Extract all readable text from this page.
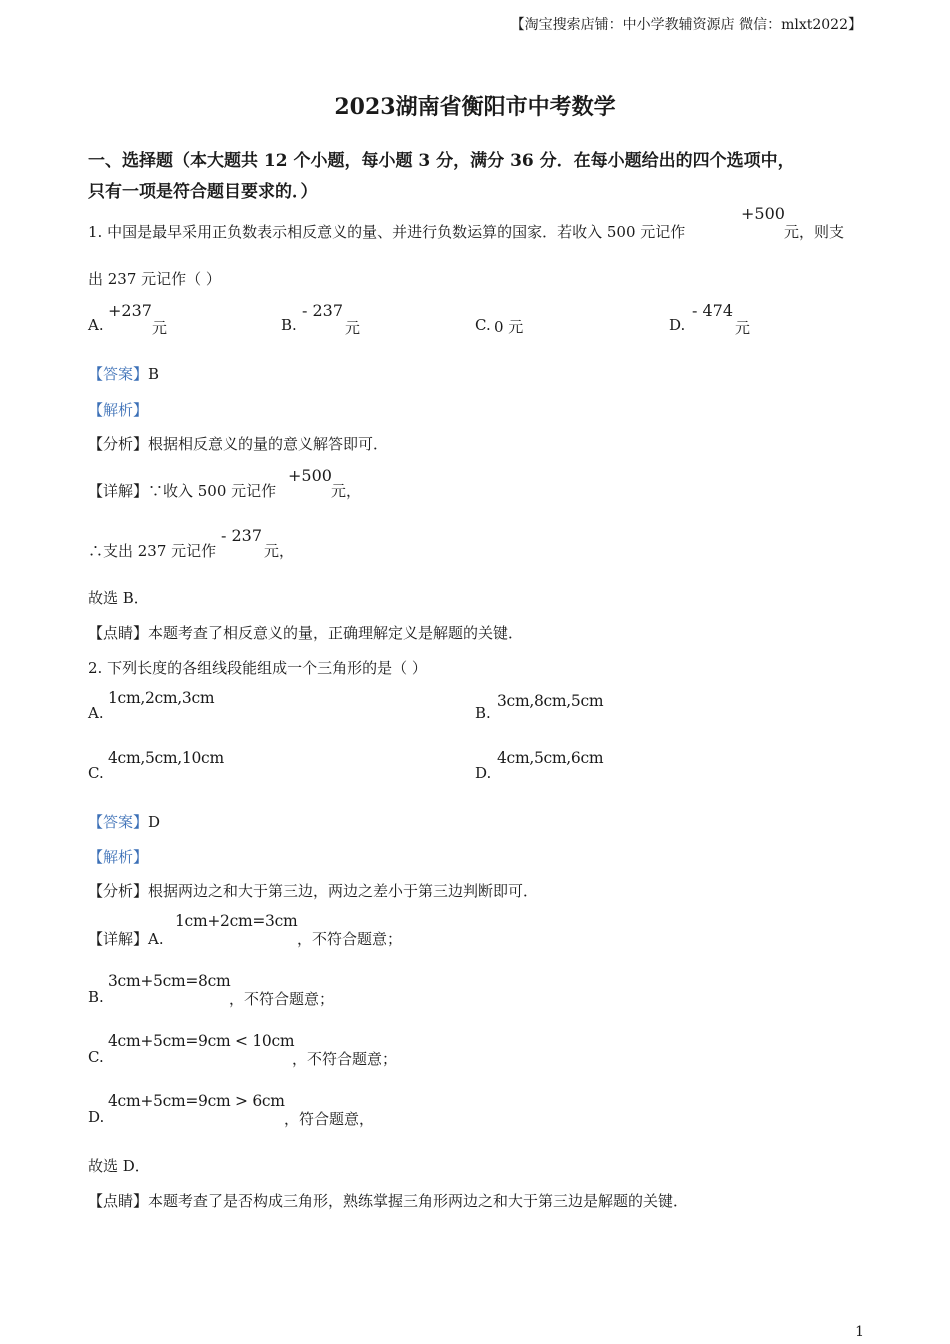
【淘宝搜索店铺：中小学教辅资源店 微信：mlxt2022】
2023湖南省衡阳市中考数学
一、选择题（本大题共 12 个小题，每小题 3 分，满分 36 分．在每小题给出的四个选项中，
只有一项是符合题目要求的．）
1. 中国是最早采用正负数表示相反意义的量、并进行负数运算的国家．若收入 500 元记作
+500
元，则支
出 237 元记作（ ）
A.
+237
元	B.
- 237
元	C. 0 元	D.
- 474
元
【答案】B
【解析】
【分析】根据相反意义的量的意义解答即可．
【详解】∵收入 500 元记作
+500
元，
∴支出 237 元记作
- 237
元，
故选 B．
【点睛】本题考查了相反意义的量，正确理解定义是解题的关键．
2. 下列长度的各组线段能组成一个三角形的是（ ）
A.
1cm,2cm,3cm
B.
3cm,8cm,5cm
C.
4cm,5cm,10cm
D.
4cm,5cm,6cm
【答案】D
【解析】
【分析】根据两边之和大于第三边，两边之差小于第三边判断即可．
【详解】A.
1cm+2cm=3cm
，不符合题意；
B.
3cm+5cm=8cm
，不符合题意；
C.
4cm+5cm=9cm < 10cm
，不符合题意；
D.
4cm+5cm=9cm > 6cm
，符合题意，
故选 D．
【点睛】本题考查了是否构成三角形，熟练掌握三角形两边之和大于第三边是解题的关键．
1
